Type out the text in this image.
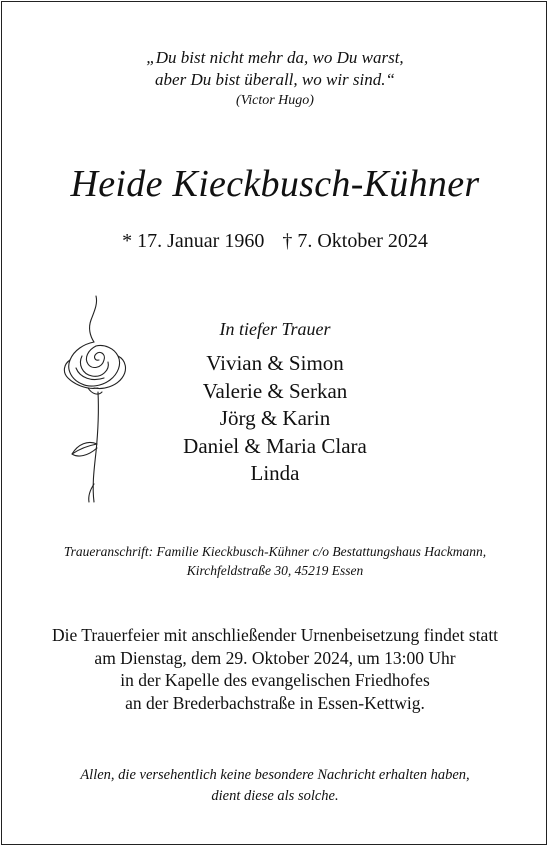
„Du bist nicht mehr da, wo Du warst,
aber Du bist überall, wo wir sind.“
(Victor Hugo)
Heide Kieckbusch-Kühner
* 17. Januar 1960 † 7. Oktober 2024
In tiefer Trauer
Vivian & Simon
Valerie & Serkan
Jörg & Karin
Daniel & Maria Clara
Linda
Traueranschrift: Familie Kieckbusch-Kühner c/o Bestattungshaus Hackmann,
Kirchfeldstraße 30, 45219 Essen
Die Trauerfeier mit anschließender Urnenbeisetzung findet statt
am Dienstag, dem 29. Oktober 2024, um 13:00 Uhr
in der Kapelle des evangelischen Friedhofes
an der Brederbachstraße in Essen-Kettwig.
Allen, die versehentlich keine besondere Nachricht erhalten haben,
dient diese als solche.
